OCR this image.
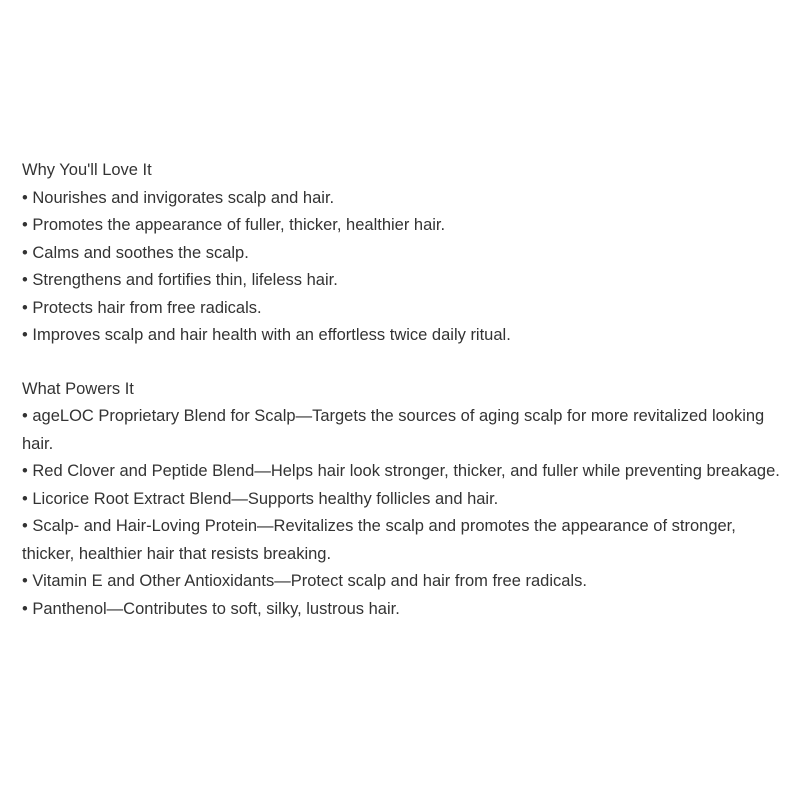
Why You'll Love It

• Nourishes and invigorates scalp and hair.

• Promotes the appearance of fuller, thicker, healthier hair.

• Calms and soothes the scalp.

• Strengthens and fortifies thin, lifeless hair.

• Protects hair from free radicals.

• Improves scalp and hair health with an effortless twice daily ritual.

What Powers It

• ageLOC Proprietary Blend for Scalp—Targets the sources of aging scalp for more revitalized looking hair.

• Red Clover and Peptide Blend—Helps hair look stronger, thicker, and fuller while preventing breakage.

• Licorice Root Extract Blend—Supports healthy follicles and hair.

• Scalp- and Hair-Loving Protein—Revitalizes the scalp and promotes the appearance of stronger, thicker, healthier hair that resists breaking.

• Vitamin E and Other Antioxidants—Protect scalp and hair from free radicals.

• Panthenol—Contributes to soft, silky, lustrous hair.
